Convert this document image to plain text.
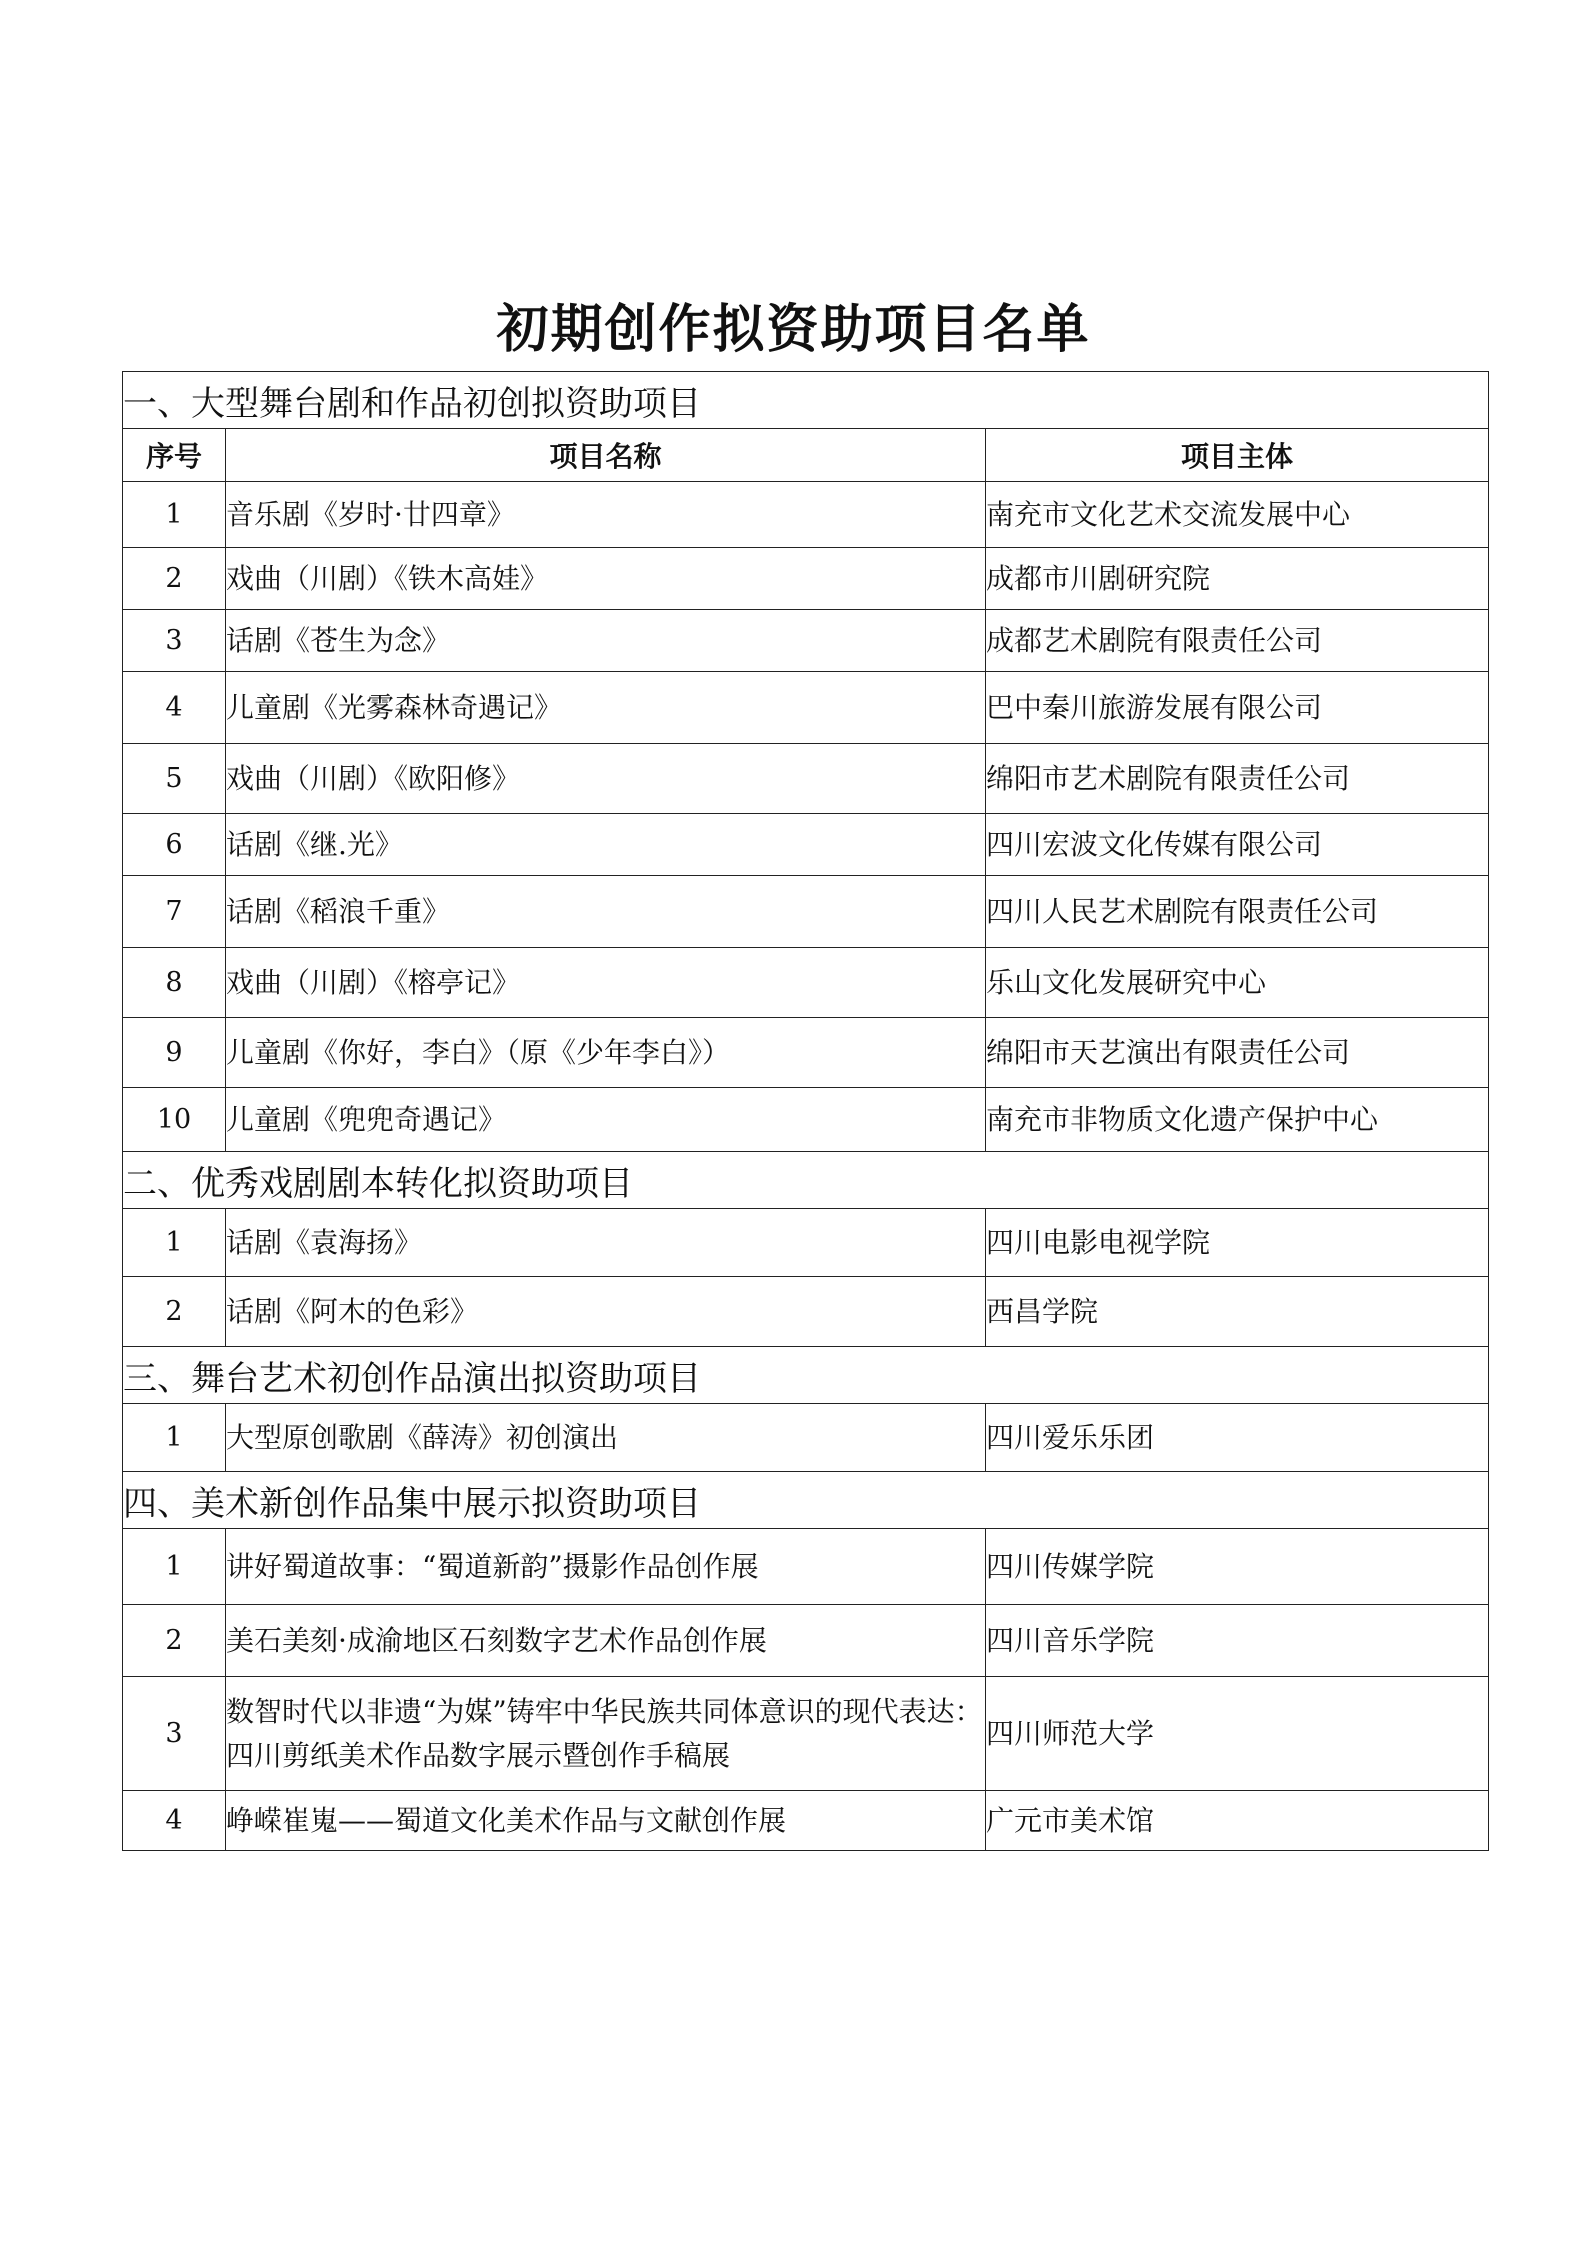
初期创作拟资助项目名单
一、大型舞台剧和作品初创拟资助项目		
序号	项目名称	项目主体
1	音乐剧《岁时·廿四章》	南充市文化艺术交流发展中心
2	戏曲（川剧）《铁木高娃》	成都市川剧研究院
3	话剧《苍生为念》	成都艺术剧院有限责任公司
4	儿童剧《光雾森林奇遇记》	巴中秦川旅游发展有限公司
5	戏曲（川剧）《欧阳修》	绵阳市艺术剧院有限责任公司
6	话剧《继.光》	四川宏波文化传媒有限公司
7	话剧《稻浪千重》	四川人民艺术剧院有限责任公司
8	戏曲（川剧）《榕亭记》	乐山文化发展研究中心
9	儿童剧《你好，李白》（原《少年李白》）	绵阳市天艺演出有限责任公司
10	儿童剧《兜兜奇遇记》	南充市非物质文化遗产保护中心
二、优秀戏剧剧本转化拟资助项目		
1	话剧《袁海扬》	四川电影电视学院
2	话剧《阿木的色彩》	西昌学院
三、舞台艺术初创作品演出拟资助项目		
1	大型原创歌剧《薛涛》初创演出	四川爱乐乐团
四、美术新创作品集中展示拟资助项目		
1	讲好蜀道故事：“蜀道新韵”摄影作品创作展	四川传媒学院
2	美石美刻·成渝地区石刻数字艺术作品创作展	四川音乐学院
3	数智时代以非遗“为媒”铸牢中华民族共同体意识的现代表达：四川剪纸美术作品数字展示暨创作手稿展	四川师范大学
4	峥嵘崔嵬——蜀道文化美术作品与文献创作展	广元市美术馆
